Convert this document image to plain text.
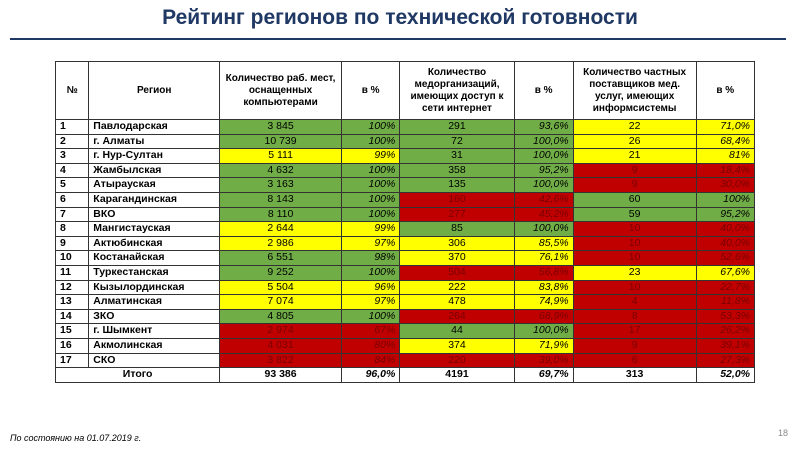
Рейтинг регионов по технической готовности
№	Регион	Количество раб. мест, оснащенных компьютерами	в %	Количество медорганизаций, имеющих доступ к сети интернет	в %	Количество частных поставщиков мед. услуг, имеющих информсистемы	в %
1	Павлодарская	3 845	100%	291	93,6%	22	71,0%
2	г. Алматы	10 739	100%	72	100,0%	26	68,4%
3	г. Нур-Султан	5 111	99%	31	100,0%	21	81%
4	Жамбылская	4 632	100%	358	95,2%	9	18,4%
5	Атырауская	3 163	100%	135	100,0%	9	30,0%
6	Карагандинская	8 143	100%	160	42,6%	60	100%
7	ВКО	8 110	100%	277	45,2%	59	95,2%
8	Мангистауская	2 644	99%	85	100,0%	10	40,0%
9	Актюбинская	2 986	97%	306	85,5%	10	40,0%
10	Костанайская	6 551	98%	370	76,1%	10	52,6%
11	Туркестанская	9 252	100%	504	56,8%	23	67,6%
12	Кызылординская	5 504	96%	222	83,8%	10	22,7%
13	Алматинская	7 074	97%	478	74,9%	4	11,8%
14	ЗКО	4 805	100%	264	68,9%	8	53,3%
15	г. Шымкент	2 974	67%	44	100,0%	17	26,2%
16	Акмолинская	4 031	80%	374	71,9%	9	39,1%
17	СКО	3 822	84%	220	39,0%	6	27,3%
Итого		93 386	96,0%	4191	69,7%	313	52,0%
По состоянию на 01.07.2019 г.	18
